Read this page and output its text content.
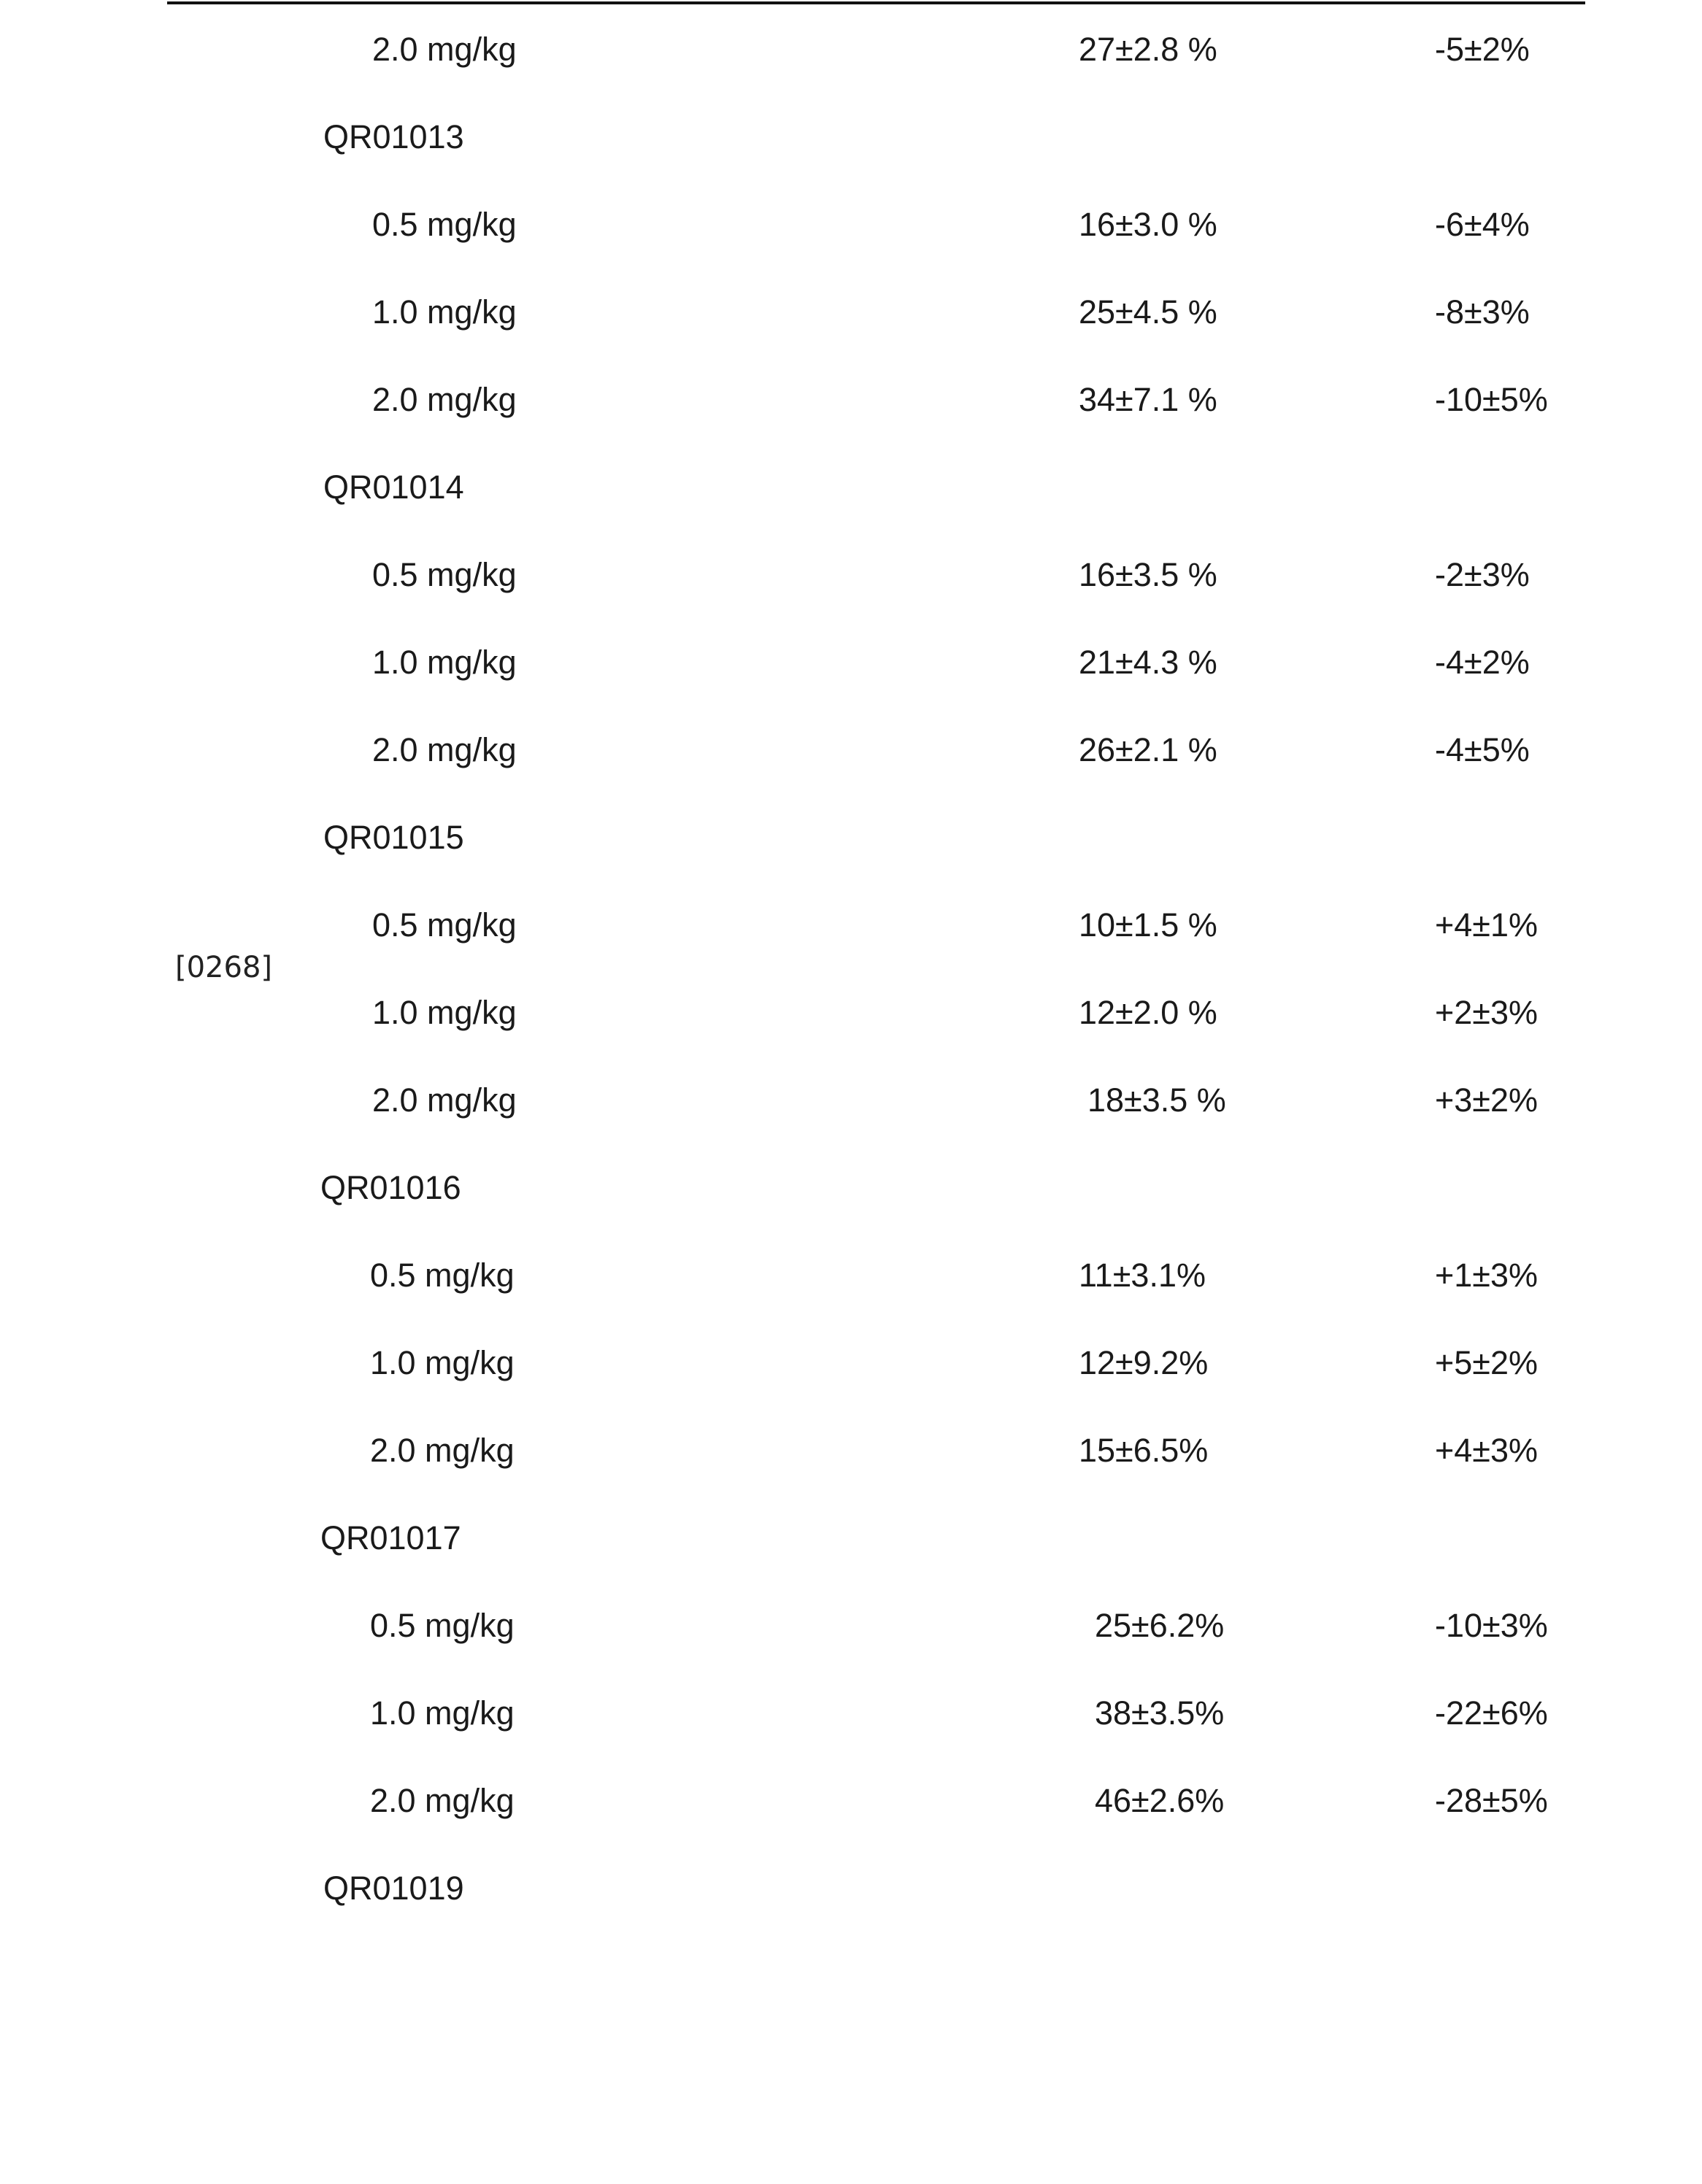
[0268]
2.0 mg/kg	27±2.8 %	-5±2%
QR01013
0.5 mg/kg	16±3.0 %	-6±4%
1.0 mg/kg	25±4.5 %	-8±3%
2.0 mg/kg	34±7.1 %	-10±5%
QR01014
0.5 mg/kg	16±3.5 %	-2±3%
1.0 mg/kg	21±4.3 %	-4±2%
2.0 mg/kg	26±2.1 %	-4±5%
QR01015
0.5 mg/kg	10±1.5 %	+4±1%
1.0 mg/kg	12±2.0 %	+2±3%
2.0 mg/kg	18±3.5 %	+3±2%
QR01016
0.5 mg/kg	11±3.1%	+1±3%
1.0 mg/kg	12±9.2%	+5±2%
2.0 mg/kg	15±6.5%	+4±3%
QR01017
0.5 mg/kg	25±6.2%	-10±3%
1.0 mg/kg	38±3.5%	-22±6%
2.0 mg/kg	46±2.6%	-28±5%
QR01019
